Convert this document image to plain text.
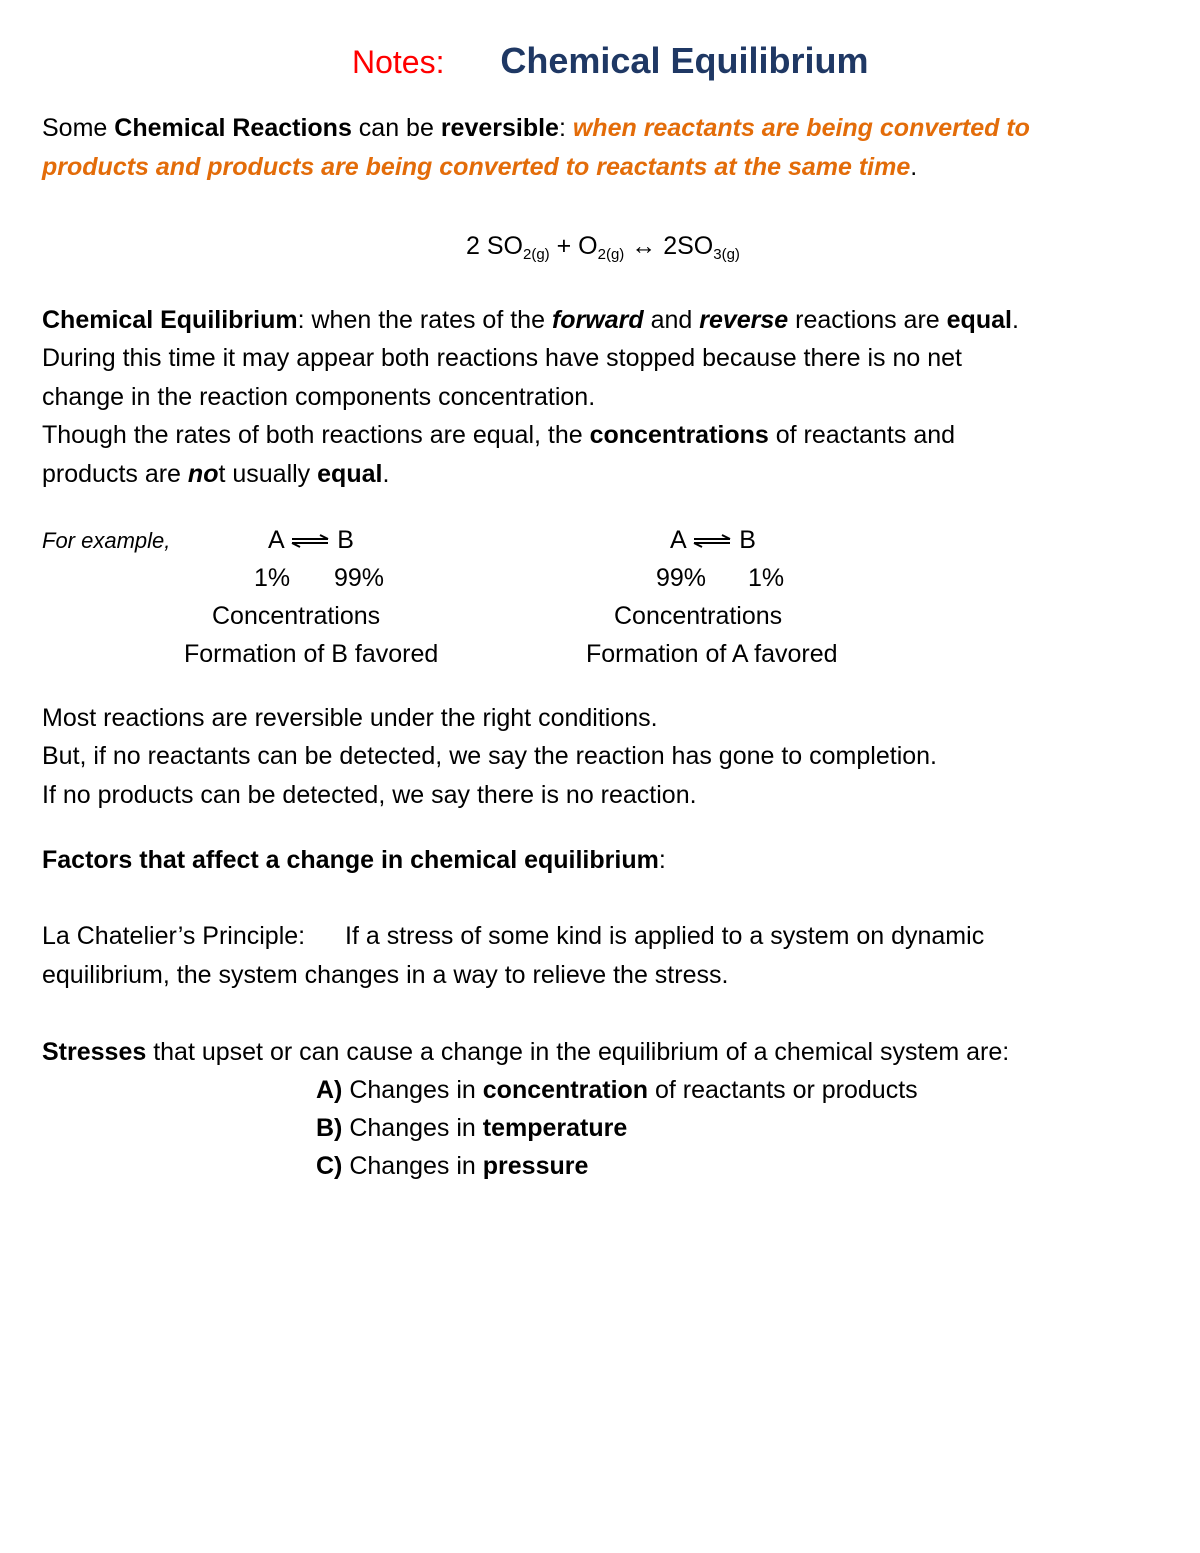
Notes: Chemical Equilibrium
Some Chemical Reactions can be reversible: when reactants are being converted to
products and products are being converted to reactants at the same time.
2 $SO_{2(g)} + O_{2(g)}$ ↔ $2SO_{3(g)}$
Chemical Equilibrium: when the rates of the forward and reverse reactions are equal.
During this time it may appear both reactions have stopped because there is no net
change in the reaction components concentration.
Though the rates of both reactions are equal, the concentrations of reactants and
products are not usually equal.
For example,	A ⇌ B
1% 99%
Concentrations
Formation of B favored
A ⇌ B
99% 1%
Concentrations
Formation of A favored
Most reactions are reversible under the right conditions.
But, if no reactants can be detected, we say the reaction has gone to completion.
If no products can be detected, we say there is no reaction.
Factors that affect a change in chemical equilibrium:
La Chatelier’s Principle: If a stress of some kind is applied to a system on dynamic
equilibrium, the system changes in a way to relieve the stress.
Stresses that upset or can cause a change in the equilibrium of a chemical system are:
A) Changes in concentration of reactants or products
B) Changes in temperature
C) Changes in pressure
